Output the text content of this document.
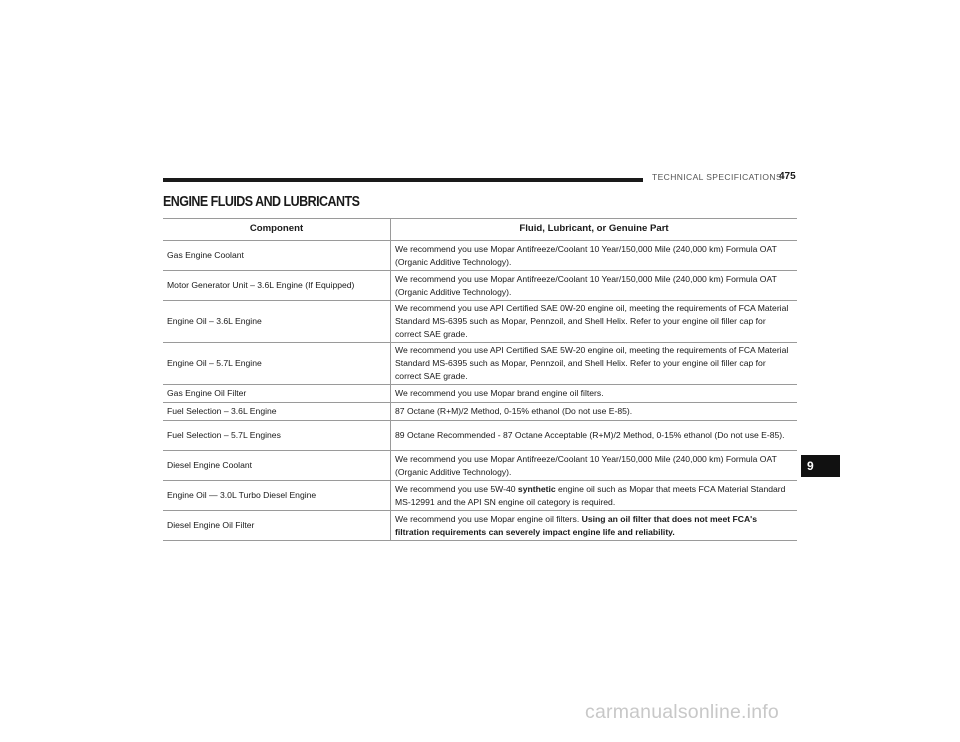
TECHNICAL SPECIFICATIONS
475
ENGINE FLUIDS AND LUBRICANTS
Component	Fluid, Lubricant, or Genuine Part
Gas Engine Coolant	We recommend you use Mopar Antifreeze/Coolant 10 Year/150,000 Mile (240,000 km) Formula OAT (Organic Additive Technology).
Motor Generator Unit – 3.6L Engine (If Equipped)	We recommend you use Mopar Antifreeze/Coolant 10 Year/150,000 Mile (240,000 km) Formula OAT (Organic Additive Technology).
Engine Oil – 3.6L Engine	We recommend you use API Certified SAE 0W-20 engine oil, meeting the requirements of FCA Material Standard MS-6395 such as Mopar, Pennzoil, and Shell Helix. Refer to your engine oil filler cap for correct SAE grade.
Engine Oil – 5.7L Engine	We recommend you use API Certified SAE 5W-20 engine oil, meeting the requirements of FCA Material Standard MS-6395 such as Mopar, Pennzoil, and Shell Helix. Refer to your engine oil filler cap for correct SAE grade.
Gas Engine Oil Filter	We recommend you use Mopar brand engine oil filters.
Fuel Selection – 3.6L Engine	87 Octane (R+M)/2 Method, 0-15% ethanol (Do not use E-85).
Fuel Selection – 5.7L Engines	89 Octane Recommended - 87 Octane Acceptable (R+M)/2 Method, 0-15% ethanol (Do not use E-85).
Diesel Engine Coolant	We recommend you use Mopar Antifreeze/Coolant 10 Year/150,000 Mile (240,000 km) Formula OAT (Organic Additive Technology).
Engine Oil — 3.0L Turbo Diesel Engine	We recommend you use 5W-40 synthetic engine oil such as Mopar that meets FCA Material Standard MS-12991 and the API SN engine oil category is required.
Diesel Engine Oil Filter	We recommend you use Mopar engine oil filters. Using an oil filter that does not meet FCA's filtration requirements can severely impact engine life and reliability.
9
carmanualsonline.info
